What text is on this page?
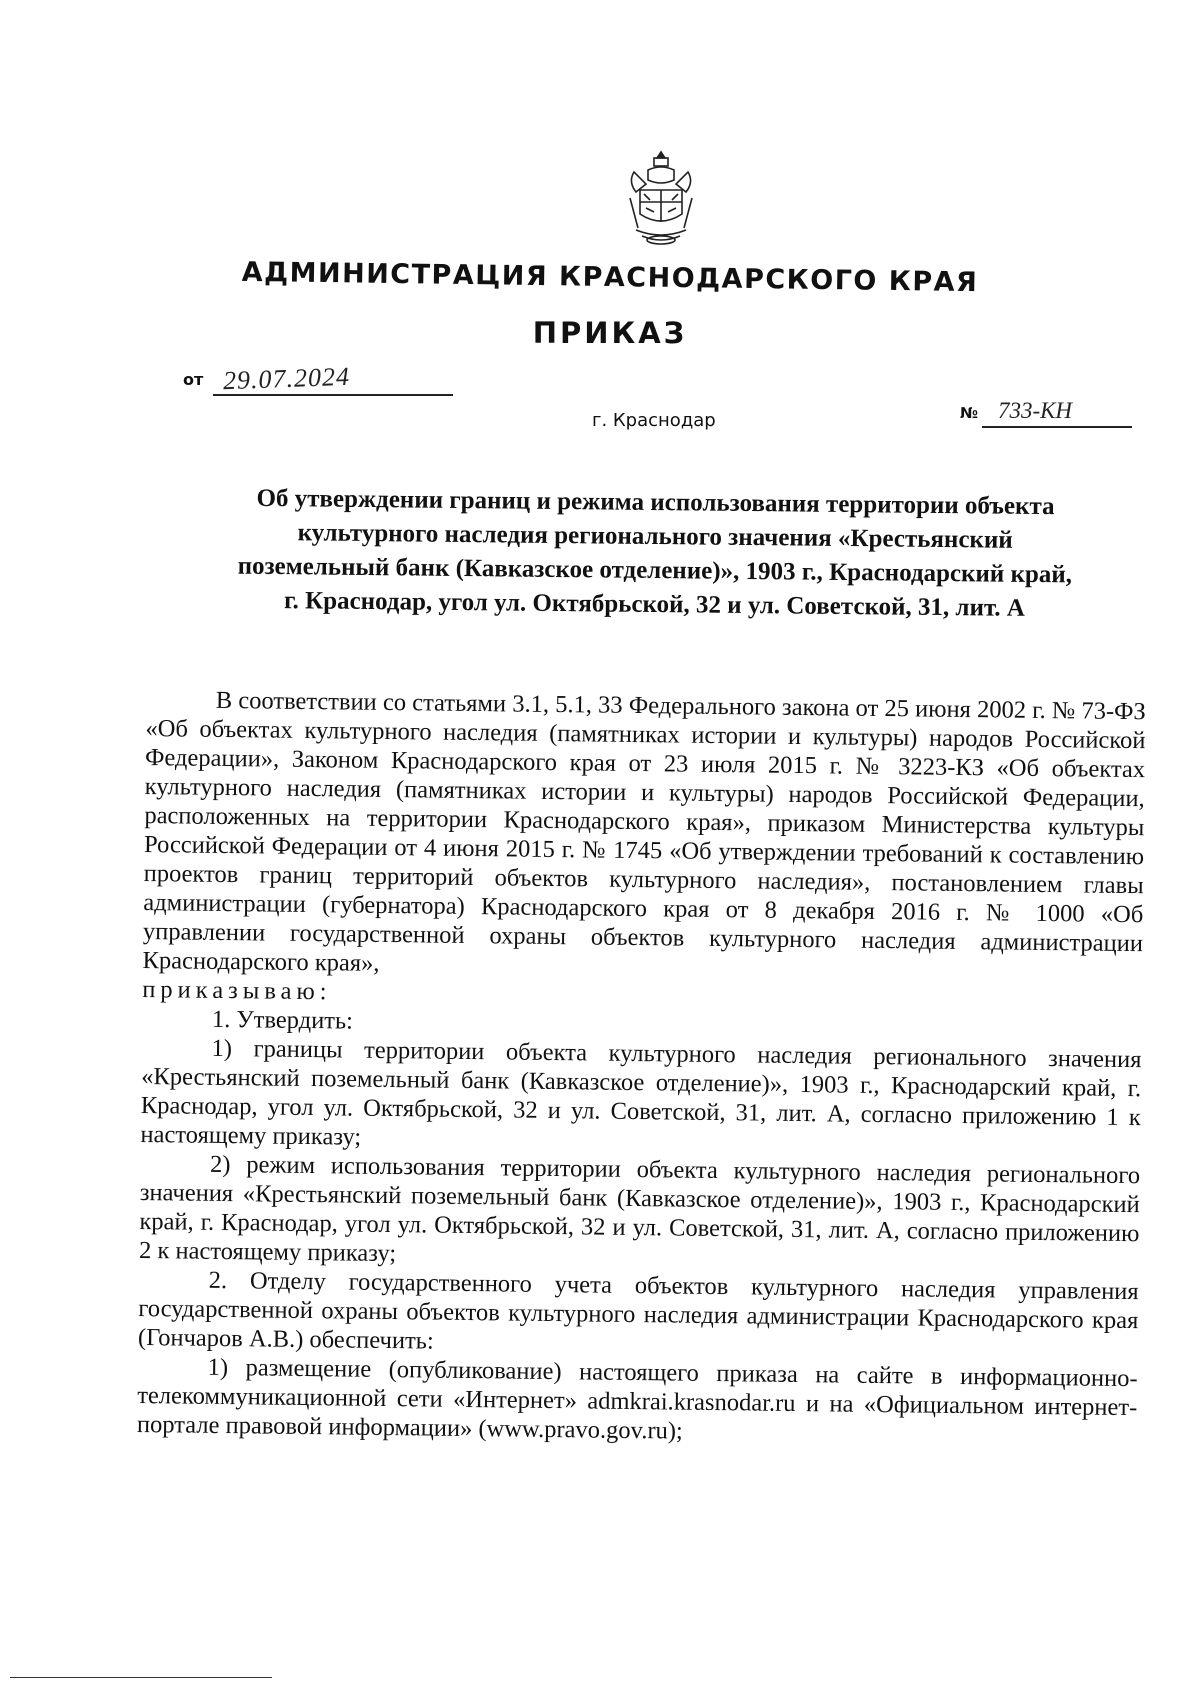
АДМИНИСТРАЦИЯ КРАСНОДАРСКОГО КРАЯ
ПРИКАЗ
от 29.07.2024
г. Краснодар	№ 733-КН
Об утверждении границ и режима использования территории объекта
культурного наследия регионального значения «Крестьянский
поземельный банк (Кавказское отделение)», 1903 г., Краснодарский край,
г. Краснодар, угол ул. Октябрьской, 32 и ул. Советской, 31, лит. А

В соответствии со статьями 3.1, 5.1, 33 Федерального закона от 25 июня 2002 г. № 73-ФЗ «Об объектах культурного наследия (памятниках истории и культуры) народов Российской Федерации», Законом Краснодарского края от 23 июля 2015 г. № 3223-КЗ «Об объектах культурного наследия (памятниках истории и культуры) народов Российской Федерации, расположенных на территории Краснодарского края», приказом Министерства культуры Российской Федерации от 4 июня 2015 г. № 1745 «Об утверждении требований к составлению проектов границ территорий объектов культурного наследия», постановлением главы администрации (губернатора) Краснодарского края от 8 декабря 2016 г. № 1000 «Об управлении государственной охраны объектов культурного наследия администрации Краснодарского края»,

приказываю:

1. Утвердить:

1) границы территории объекта культурного наследия регионального значения «Крестьянский поземельный банк (Кавказское отделение)», 1903 г., Краснодарский край, г. Краснодар, угол ул. Октябрьской, 32 и ул. Советской, 31, лит. А, согласно приложению 1 к настоящему приказу;

2) режим использования территории объекта культурного наследия регионального значения «Крестьянский поземельный банк (Кавказское отделение)», 1903 г., Краснодарский край, г. Краснодар, угол ул. Октябрьской, 32 и ул. Советской, 31, лит. А, согласно приложению 2 к настоящему приказу;

2. Отделу государственного учета объектов культурного наследия управления государственной охраны объектов культурного наследия администрации Краснодарского края (Гончаров А.В.) обеспечить:

1) размещение (опубликование) настоящего приказа на сайте в информационно-телекоммуникационной сети «Интернет» admkrai.krasnodar.ru и на «Официальном интернет-портале правовой информации» (www.pravo.gov.ru);
